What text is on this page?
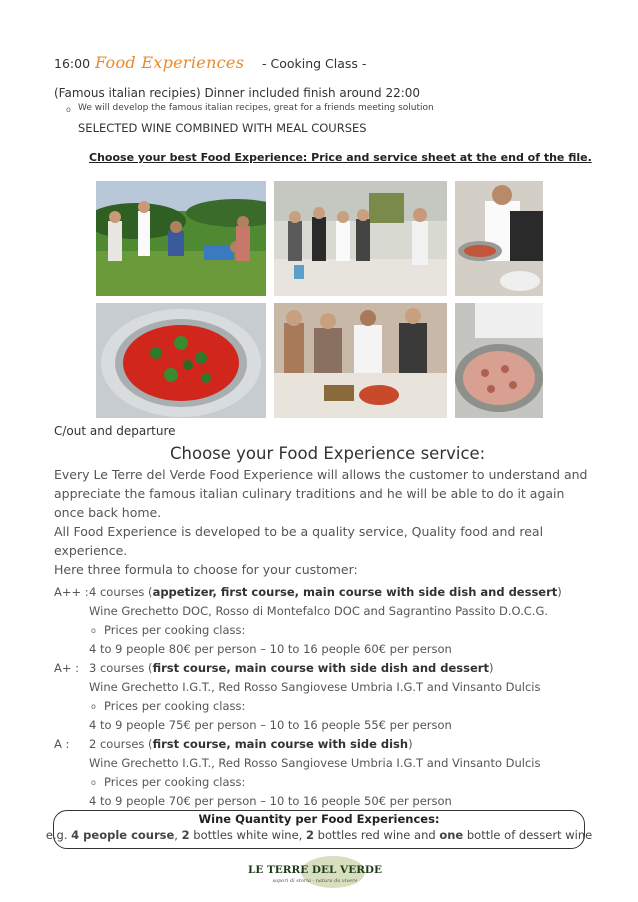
16:00 Food Experiences - Cooking Class -
(Famous italian recipies) Dinner included finish around 22:00
o We will develop the famous italian recipes, great for a friends meeting solution
SELECTED WINE COMBINED WITH MEAL COURSES
Choose your best Food Experience: Price and service sheet at the end of the file.
C/out and departure
Choose your Food Experience service:
Every Le Terre del Verde Food Experience will allows the customer to understand and
appreciate the famous italian culinary traditions and he will be able to do it again
once back home.
All Food Experience is developed to be a quality service, Quality food and real
experience.
Here three formula to choose for your customer:
A++ : 4 courses (appetizer, first course, main course with side dish and dessert)
Wine Grechetto DOC, Rosso di Montefalco DOC and Sagrantino Passito D.O.C.G.
o Prices per cooking class:
4 to 9 people 80€ per person – 10 to 16 people 60€ per person
A+ : 3 courses (first course, main course with side dish and dessert)
Wine Grechetto I.G.T., Red Rosso Sangiovese Umbria I.G.T and Vinsanto Dulcis
o Prices per cooking class:
4 to 9 people 75€ per person – 10 to 16 people 55€ per person
A : 2 courses (first course, main course with side dish)
Wine Grechetto I.G.T., Red Rosso Sangiovese Umbria I.G.T and Vinsanto Dulcis
o Prices per cooking class:
4 to 9 people 70€ per person – 10 to 16 people 50€ per person
Wine Quantity per Food Experiences:
e.g. 4 people course, 2 bottles white wine, 2 bottles red wine and one bottle of dessert wine
LE TERRE DEL VERDE
sapori di storia - natura da vivere
